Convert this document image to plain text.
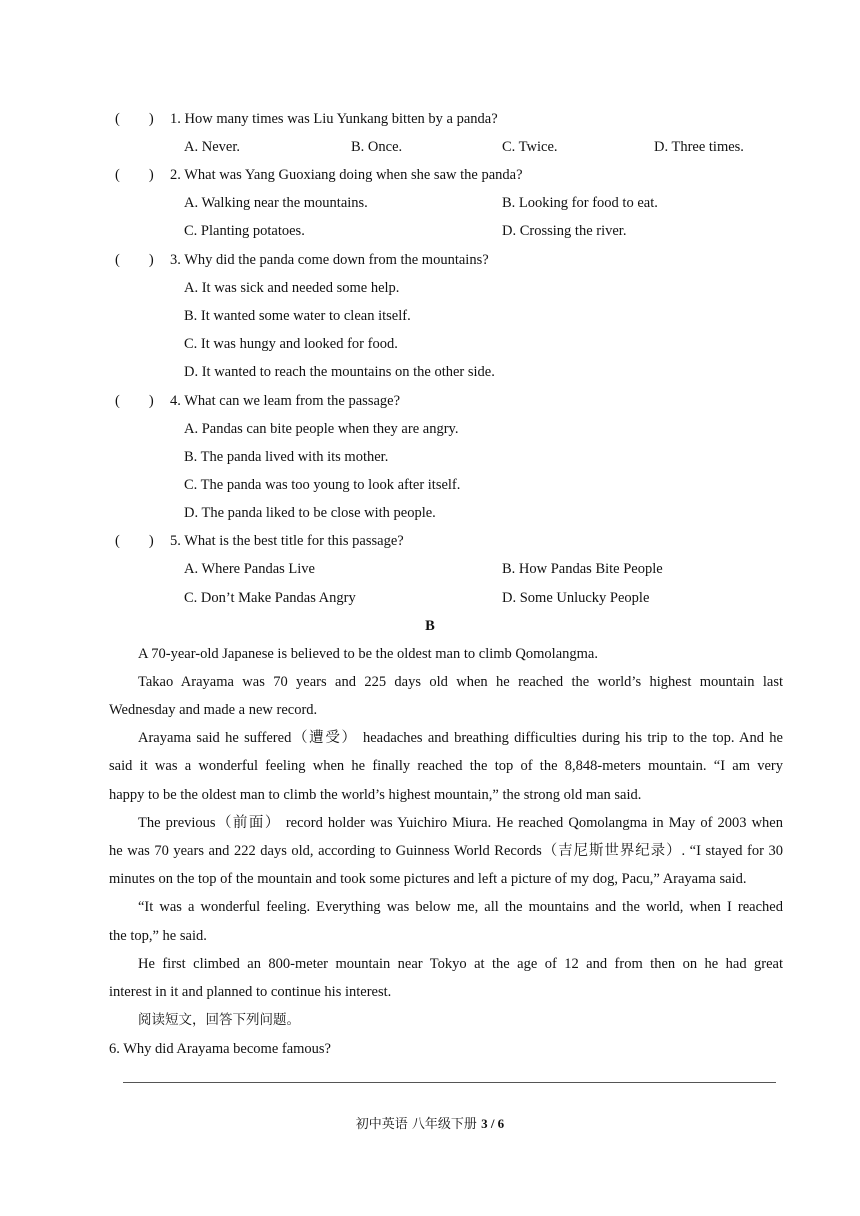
(　　) 1. How many times was Liu Yunkang bitten by a panda?
A. Never.	B. Once.	C. Twice.	D. Three times.
(　　) 2. What was Yang Guoxiang doing when she saw the panda?
A. Walking near the mountains.	B. Looking for food to eat.
C. Planting potatoes.	D. Crossing the river.
(　　) 3. Why did the panda come down from the mountains?
A. It was sick and needed some help.
B. It wanted some water to clean itself.
C. It was hungy and looked for food.
D. It wanted to reach the mountains on the other side.
(　　) 4. What can we leam from the passage?
A. Pandas can bite people when they are angry.
B. The panda lived with its mother.
C. The panda was too young to look after itself.
D. The panda liked to be close with people.
(　　) 5. What is the best title for this passage?
A. Where Pandas Live	B. How Pandas Bite People
C. Don’t Make Pandas Angry	D. Some Unlucky People
B
A 70-year-old Japanese is believed to be the oldest man to climb Qomolangma.
Takao Arayama was 70 years and 225 days old when he reached the world’s highest mountain last
Wednesday and made a new record.
Arayama said he suffered（遭受） headaches and breathing difficulties during his trip to the top. And he
said it was a wonderful feeling when he finally reached the top of the 8,848-meters mountain. “I am very
happy to be the oldest man to climb the world’s highest mountain,” the strong old man said.
The previous（前面） record holder was Yuichiro Miura. He reached Qomolangma in May of 2003 when
he was 70 years and 222 days old, according to Guinness World Records（吉尼斯世界纪录）. “I stayed for 30
minutes on the top of the mountain and took some pictures and left a picture of my dog, Pacu,” Arayama said.
“It was a wonderful feeling. Everything was below me, all the mountains and the world, when I reached
the top,” he said.
He first climbed an 800-meter mountain near Tokyo at the age of 12 and from then on he had great
interest in it and planned to continue his interest.
阅读短文，回答下列问题。
6. Why did Arayama become famous?
初中英语 八年级下册 3 / 6
